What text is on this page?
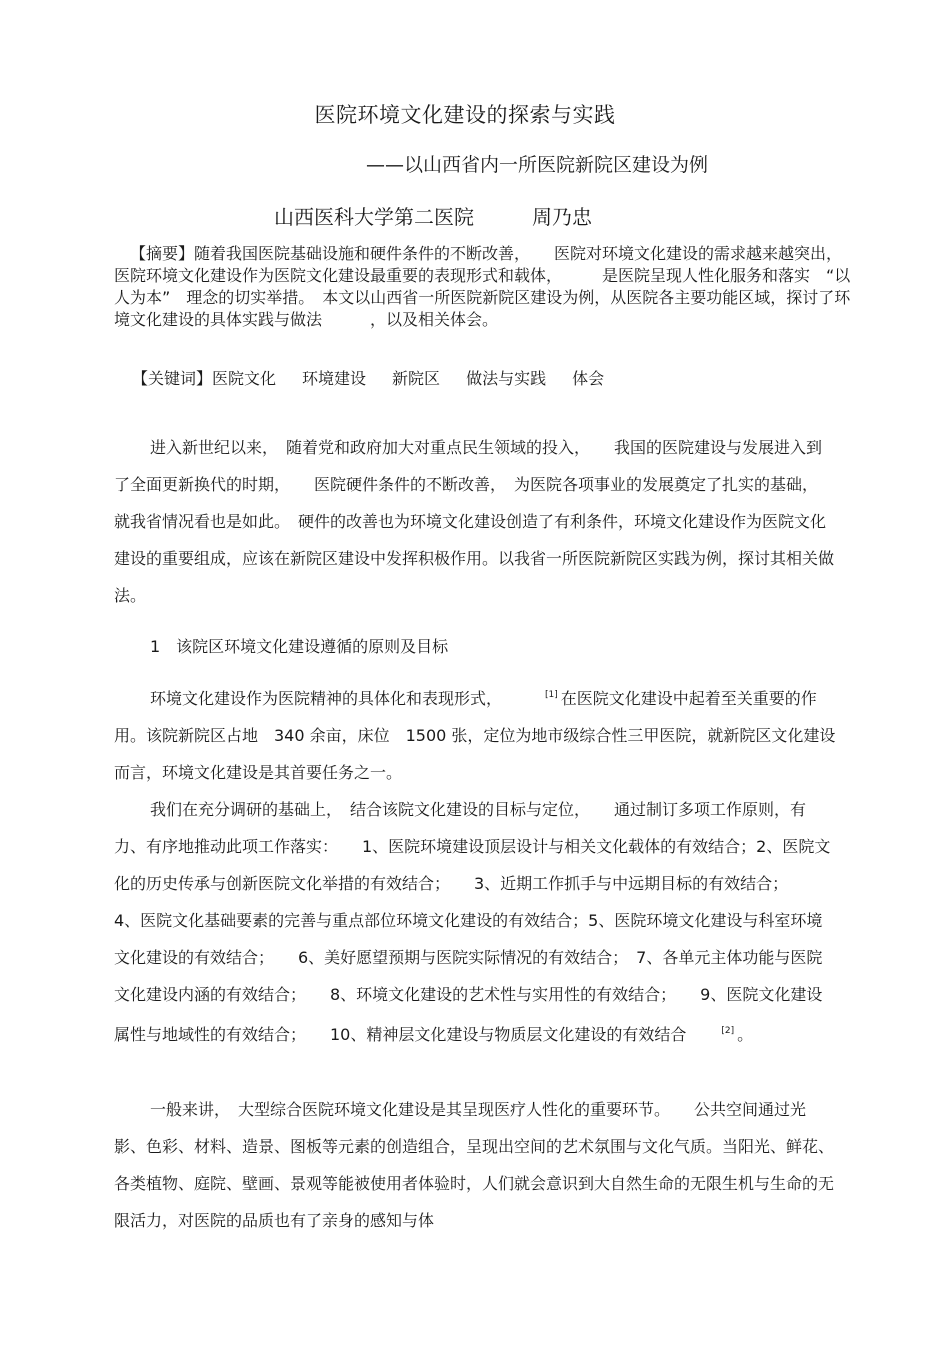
医院环境文化建设的探索与实践
——以山西省内一所医院新院区建设为例
山西医科大学第二医院	周乃忠
【摘要】随着我国医院基础设施和硬件条件的不断改善，　　医院对环境文化建设的需求越来越突出，　医院环境文化建设作为医院文化建设最重要的表现形式和载体，　　　是医院呈现人性化服务和落实　“以人为本”　理念的切实举措。　本文以山西省一所医院新院区建设为例，从医院各主要功能区域，探讨了环境文化建设的具体实践与做法　　　，以及相关体会。
【关键词】医院文化 环境建设 新院区 做法与实践 体会

进入新世纪以来，　随着党和政府加大对重点民生领域的投入，　　我国的医院建设与发展进入到了全面更新换代的时期，　　医院硬件条件的不断改善，　为医院各项事业的发展奠定了扎实的基础，　就我省情况看也是如此。　硬件的改善也为环境文化建设创造了有利条件，环境文化建设作为医院文化建设的重要组成，应该在新院区建设中发挥积极作用。以我省一所医院新院区实践为例，探讨其相关做法。

1　该院区环境文化建设遵循的原则及目标

环境文化建设作为医院精神的具体化和表现形式，　　　[1] 在医院文化建设中起着至关重要的作用。该院新院区占地　340 余亩，床位　1500 张，定位为地市级综合性三甲医院，就新院区文化建设而言，环境文化建设是其首要任务之一。

我们在充分调研的基础上，　结合该院文化建设的目标与定位，　　通过制订多项工作原则，有力、有序地推动此项工作落实：　　1、医院环境建设顶层设计与相关文化载体的有效结合；2、医院文化的历史传承与创新医院文化举措的有效结合；　　3、近期工作抓手与中远期目标的有效结合；　　4、医院文化基础要素的完善与重点部位环境文化建设的有效结合；5、医院环境文化建设与科室环境文化建设的有效结合；　　6、美好愿望预期与医院实际情况的有效结合；　7、各单元主体功能与医院文化建设内涵的有效结合；　　8、环境文化建设的艺术性与实用性的有效结合；　　9、医院文化建设属性与地域性的有效结合；　　10、精神层文化建设与物质层文化建设的有效结合　　[2] 。

一般来讲，　大型综合医院环境文化建设是其呈现医疗人性化的重要环节。　　公共空间通过光影、色彩、材料、造景、图板等元素的创造组合，呈现出空间的艺术氛围与文化气质。当阳光、鲜花、各类植物、庭院、壁画、景观等能被使用者体验时，人们就会意识到大自然生命的无限生机与生命的无限活力，对医院的品质也有了亲身的感知与体
